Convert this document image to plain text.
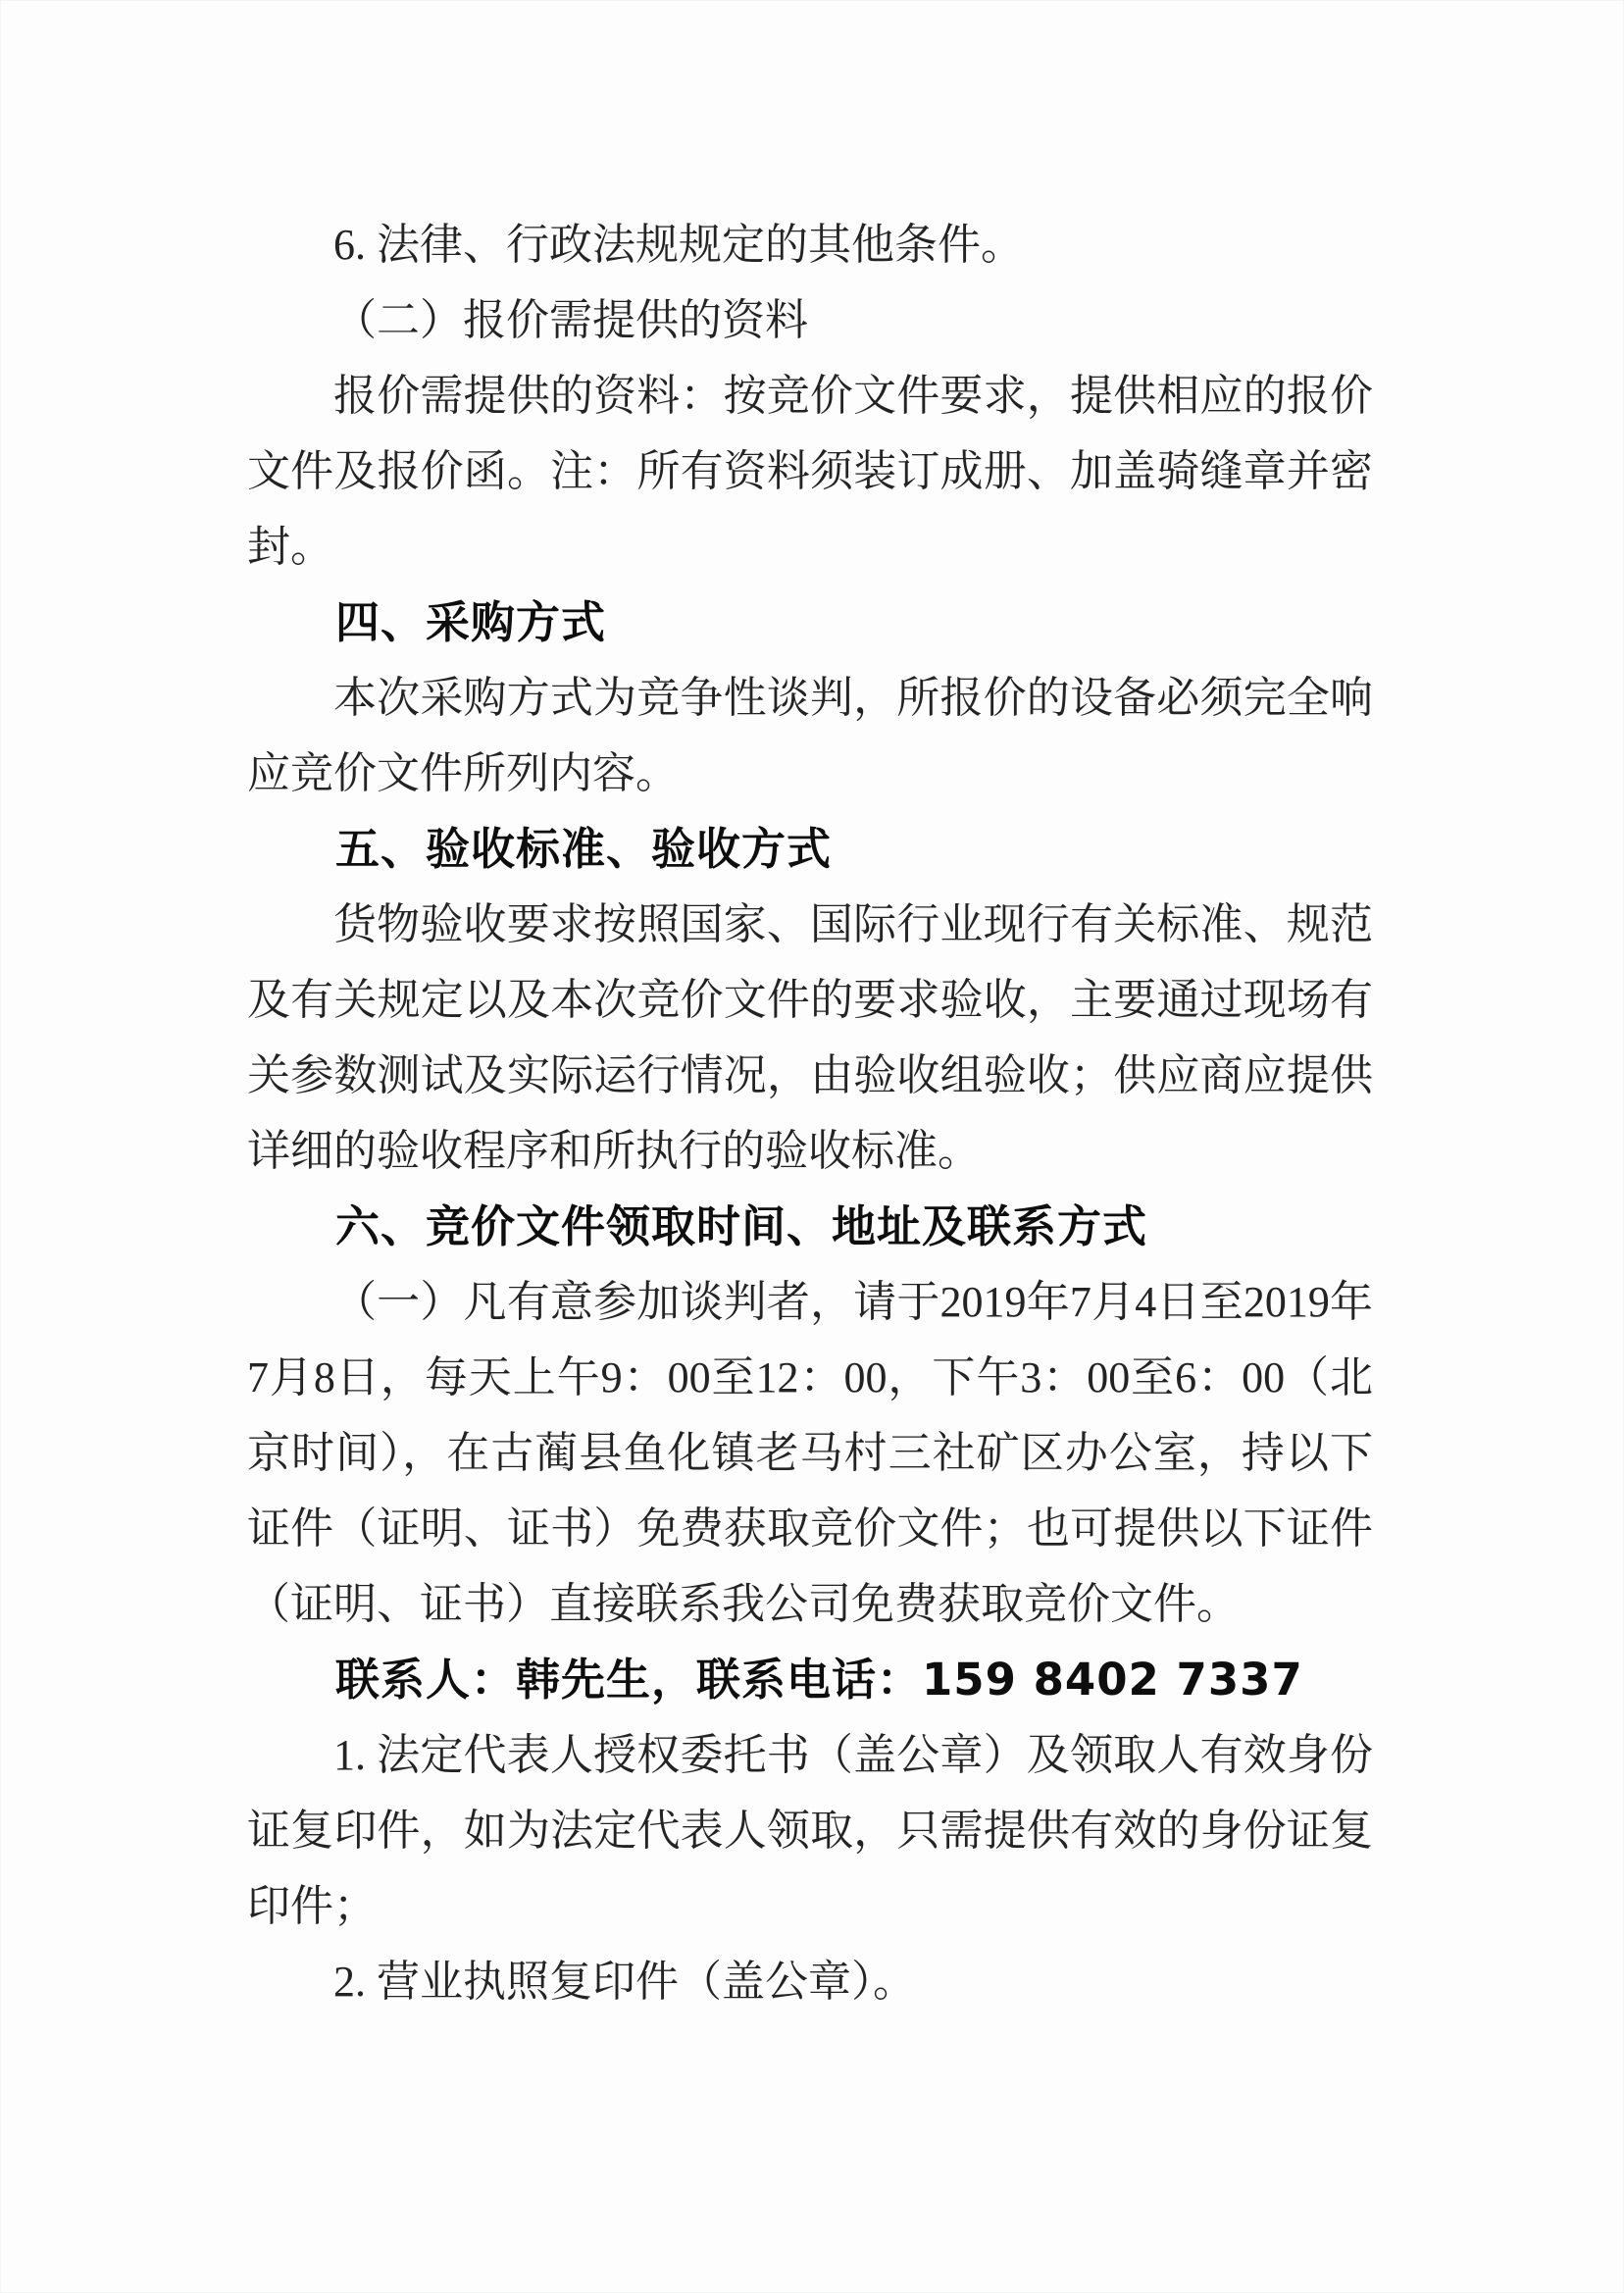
6. 法律、行政法规规定的其他条件。
（二）报价需提供的资料
报价需提供的资料：按竞价文件要求，提供相应的报价
文件及报价函。注：所有资料须装订成册、加盖骑缝章并密
封。
四、采购方式
本次采购方式为竞争性谈判，所报价的设备必须完全响
应竞价文件所列内容。
五、验收标准、验收方式
货物验收要求按照国家、国际行业现行有关标准、规范
及有关规定以及本次竞价文件的要求验收，主要通过现场有
关参数测试及实际运行情况，由验收组验收；供应商应提供
详细的验收程序和所执行的验收标准。
六、竞价文件领取时间、地址及联系方式
（一）凡有意参加谈判者，请于2019年7月4日至2019年
7月8日，每天上午9：00至12：00，下午3：00至6：00（北
京时间），在古蔺县鱼化镇老马村三社矿区办公室，持以下
证件（证明、证书）免费获取竞价文件；也可提供以下证件
（证明、证书）直接联系我公司免费获取竞价文件。
联系人：韩先生，联系电话：159 8402 7337
1. 法定代表人授权委托书（盖公章）及领取人有效身份
证复印件，如为法定代表人领取，只需提供有效的身份证复
印件；
2. 营业执照复印件（盖公章）。
